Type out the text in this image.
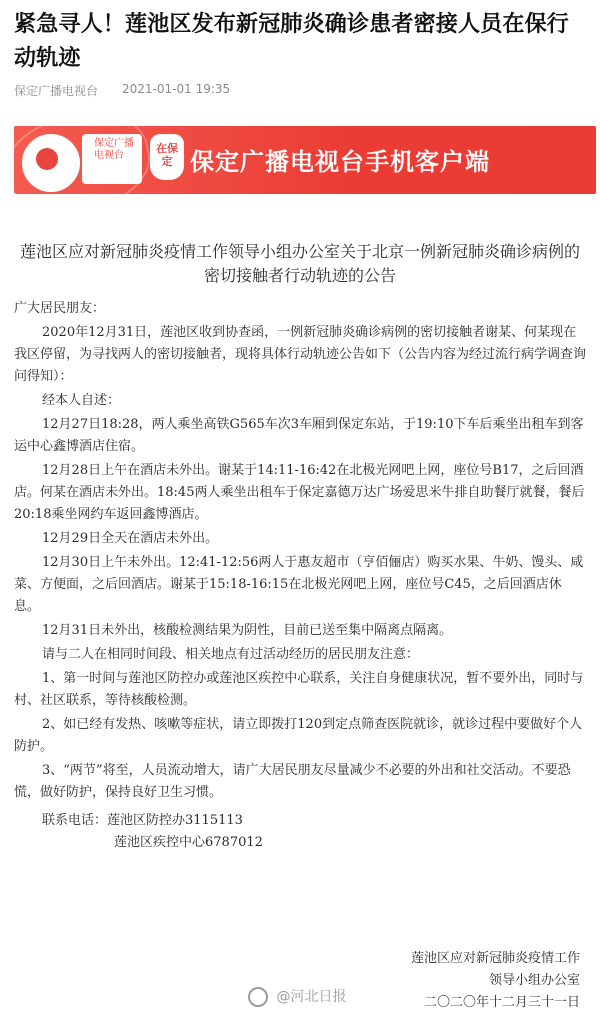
紧急寻人！莲池区发布新冠肺炎确诊患者密接人员在保行动轨迹
保定广播电视台 2021-01-01 19:35
保定广播电视台
在保定 保定广播电视台手机客户端
莲池区应对新冠肺炎疫情工作领导小组办公室关于北京一例新冠肺炎确诊病例的密切接触者行动轨迹的公告

广大居民朋友：

2020年12月31日，莲池区收到协查函，一例新冠肺炎确诊病例的密切接触者谢某、何某现在我区停留，为寻找两人的密切接触者，现将具体行动轨迹公告如下（公告内容为经过流行病学调查询问得知）：

经本人自述：

12月27日18:28，两人乘坐高铁G565车次3车厢到保定东站，于19:10下车后乘坐出租车到客运中心鑫博酒店住宿。

12月28日上午在酒店未外出。谢某于14:11-16:42在北极光网吧上网，座位号B17，之后回酒店。何某在酒店未外出。18:45两人乘坐出租车于保定嘉德万达广场爱思米牛排自助餐厅就餐，餐后20:18乘坐网约车返回鑫博酒店。

12月29日全天在酒店未外出。

12月30日上午未外出。12:41-12:56两人于惠友超市（亨佰俪店）购买水果、牛奶、馒头、咸菜、方便面，之后回酒店。谢某于15:18-16:15在北极光网吧上网，座位号C45，之后回酒店休息。

12月31日未外出，核酸检测结果为阴性，目前已送至集中隔离点隔离。

请与二人在相同时间段、相关地点有过活动经历的居民朋友注意：

1、第一时间与莲池区防控办或莲池区疾控中心联系，关注自身健康状况，暂不要外出，同时与村、社区联系，等待核酸检测。

2、如已经有发热、咳嗽等症状，请立即拨打120到定点筛查医院就诊，就诊过程中要做好个人防护。

3、“两节”将至，人员流动增大，请广大居民朋友尽量减少不必要的外出和社交活动。不要恐慌，做好防护，保持良好卫生习惯。

联系电话：莲池区防控办3115113
莲池区疾控中心6787012
莲池区应对新冠肺炎疫情工作
领导小组办公室
二〇二〇年十二月三十一日
@河北日报
